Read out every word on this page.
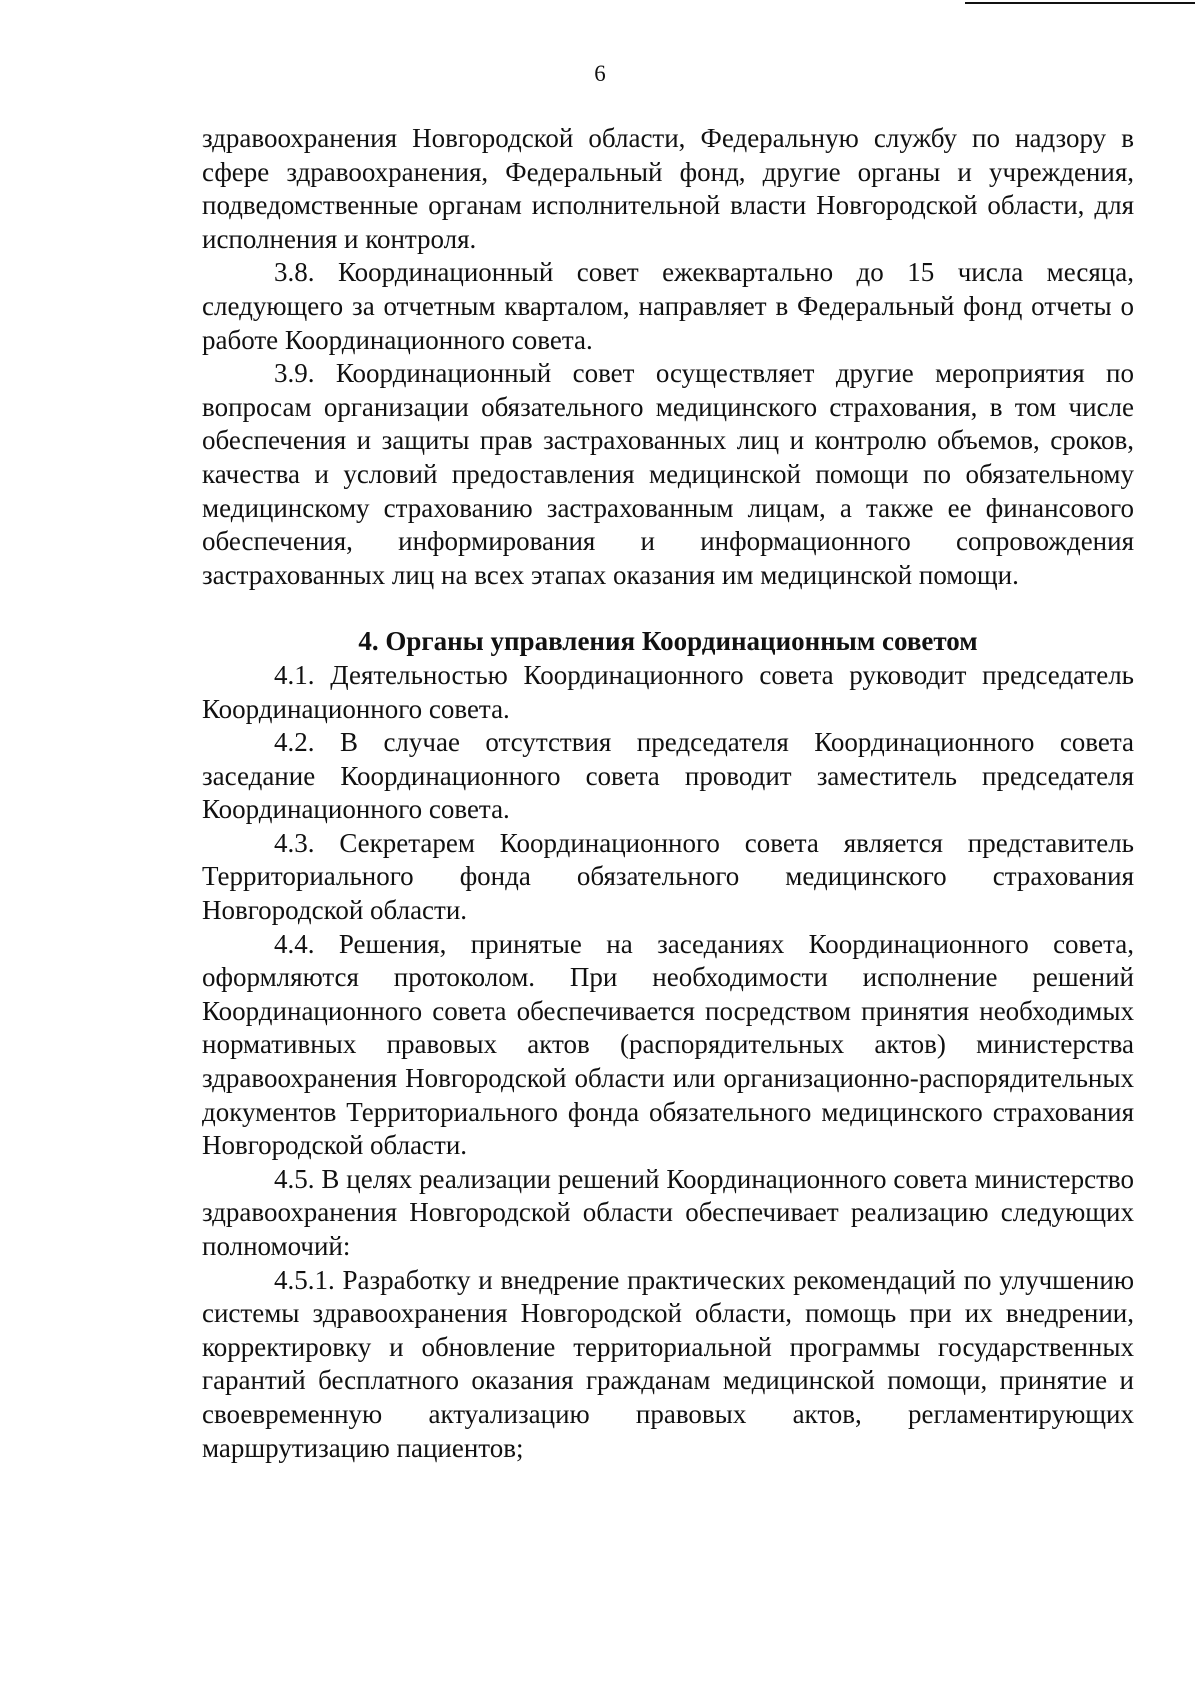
6

здравоохранения Новгородской области, Федеральную службу по надзору в сфере здравоохранения, Федеральный фонд, другие органы и учреждения, подведомственные органам исполнительной власти Новгородской области, для исполнения и контроля.

3.8. Координационный совет ежеквартально до 15 числа месяца, следующего за отчетным кварталом, направляет в Федеральный фонд отчеты о работе Координационного совета.

3.9. Координационный совет осуществляет другие мероприятия по вопросам организации обязательного медицинского страхования, в том числе обеспечения и защиты прав застрахованных лиц и контролю объемов, сроков, качества и условий предоставления медицинской помощи по обязательному медицинскому страхованию застрахованным лицам, а также ее финансового обеспечения, информирования и информационного сопровождения застрахованных лиц на всех этапах оказания им медицинской помощи.

4. Органы управления Координационным советом

4.1. Деятельностью Координационного совета руководит председатель Координационного совета.

4.2. В случае отсутствия председателя Координационного совета заседание Координационного совета проводит заместитель председателя Координационного совета.

4.3. Секретарем Координационного совета является представитель Территориального фонда обязательного медицинского страхования Новгородской области.

4.4. Решения, принятые на заседаниях Координационного совета, оформляются протоколом. При необходимости исполнение решений Координационного совета обеспечивается посредством принятия необходимых нормативных правовых актов (распорядительных актов) министерства здравоохранения Новгородской области или организационно-распорядительных документов Территориального фонда обязательного медицинского страхования Новгородской области.

4.5. В целях реализации решений Координационного совета министерство здравоохранения Новгородской области обеспечивает реализацию следующих полномочий:

4.5.1. Разработку и внедрение практических рекомендаций по улучшению системы здравоохранения Новгородской области, помощь при их внедрении, корректировку и обновление территориальной программы государственных гарантий бесплатного оказания гражданам медицинской помощи, принятие и своевременную актуализацию правовых актов, регламентирующих маршрутизацию пациентов;
